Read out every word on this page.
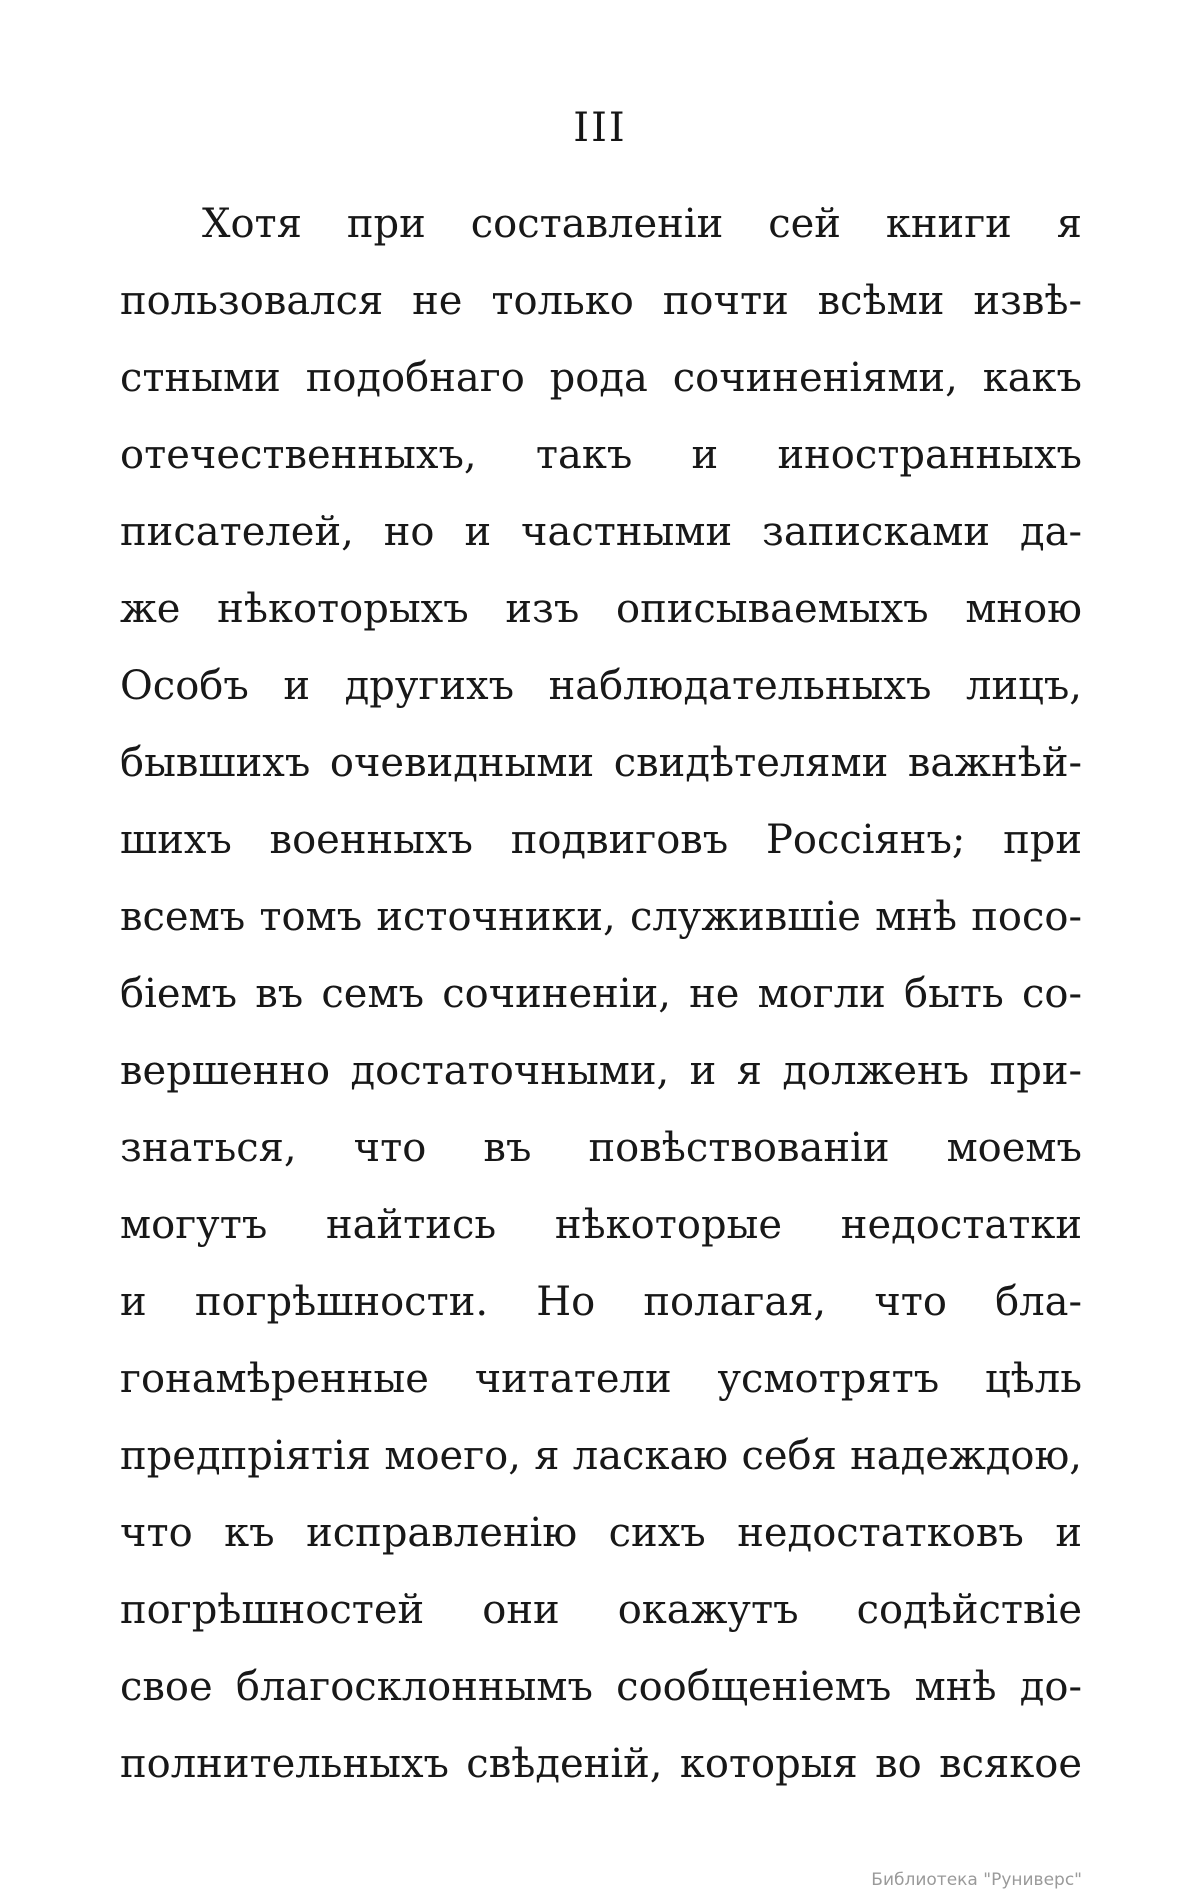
III
Хотя при составленіи сей книги я
пользовался не только почти всѣми извѣ-
стными подобнаго рода сочиненіями, какъ
отечественныхъ, такъ и иностранныхъ
писателей, но и частными записками да-
же нѣкоторыхъ изъ описываемыхъ мною
Особъ и другихъ наблюдательныхъ лицъ,
бывшихъ очевидными свидѣтелями важнѣй-
шихъ военныхъ подвиговъ Россіянъ; при
всемъ томъ источники, служившіе мнѣ посо-
біемъ въ семъ сочиненіи, не могли быть со-
вершенно достаточными, и я долженъ при-
знаться, что въ повѣствованіи моемъ
могутъ найтись нѣкоторые недостатки
и погрѣшности. Но полагая, что бла-
гонамѣренные читатели усмотрятъ цѣль
предпріятія моего, я ласкаю себя надеждою,
что къ исправленію сихъ недостатковъ и
погрѣшностей они окажутъ содѣйствіе
свое благосклоннымъ сообщеніемъ мнѣ до-
полнительныхъ свѣденій, которыя во всякое
Библиотека "Руниверс"
